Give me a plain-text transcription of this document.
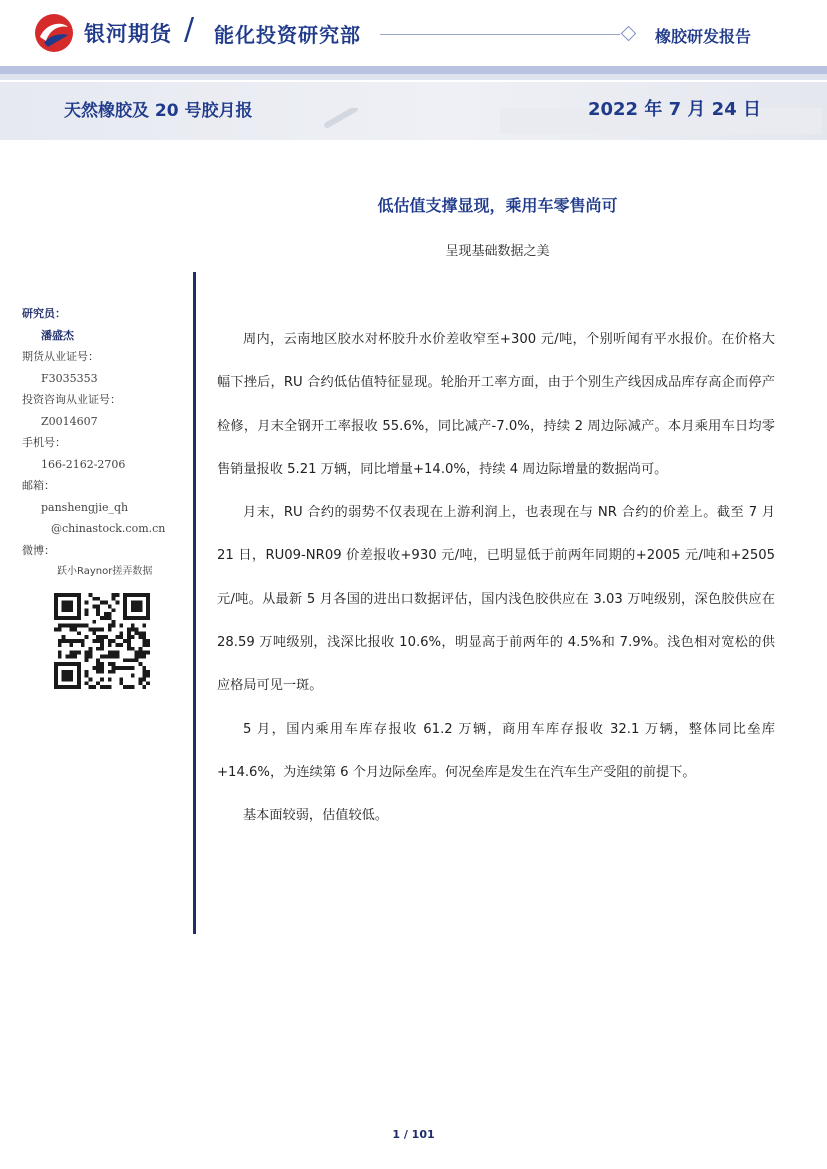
银河期货 / 能化投资研究部	橡胶研发报告
天然橡胶及 20 号胶月报	2022 年 7 月 24 日
低估值支撑显现，乘用车零售尚可
呈现基础数据之美
研究员：
潘盛杰
期货从业证号：
F3035353
投资咨询从业证号：
Z0014607
手机号：
166-2162-2706
邮箱：
panshengjie_qh
@chinastock.com.cn
微博：
跃小Raynor搓弄数据

周内，云南地区胶水对杯胶升水价差收窄至+300 元/吨，个别听闻有平水报价。在价格大幅下挫后，RU 合约低估值特征显现。轮胎开工率方面，由于个别生产线因成品库存高企而停产检修，月末全钢开工率报收 55.6%，同比减产-7.0%，持续 2 周边际减产。本月乘用车日均零售销量报收 5.21 万辆，同比增量+14.0%，持续 4 周边际增量的数据尚可。

月末，RU 合约的弱势不仅表现在上游利润上，也表现在与 NR 合约的价差上。截至 7 月 21 日，RU09-NR09 价差报收+930 元/吨，已明显低于前两年同期的+2005 元/吨和+2505 元/吨。从最新 5 月各国的进出口数据评估，国内浅色胶供应在 3.03 万吨级别，深色胶供应在 28.59 万吨级别，浅深比报收 10.6%，明显高于前两年的 4.5%和 7.9%。浅色相对宽松的供应格局可见一斑。

5 月，国内乘用车库存报收 61.2 万辆，商用车库存报收 32.1 万辆，整体同比垒库+14.6%，为连续第 6 个月边际垒库。何况垒库是发生在汽车生产受阻的前提下。

基本面较弱，估值较低。

1 / 101
